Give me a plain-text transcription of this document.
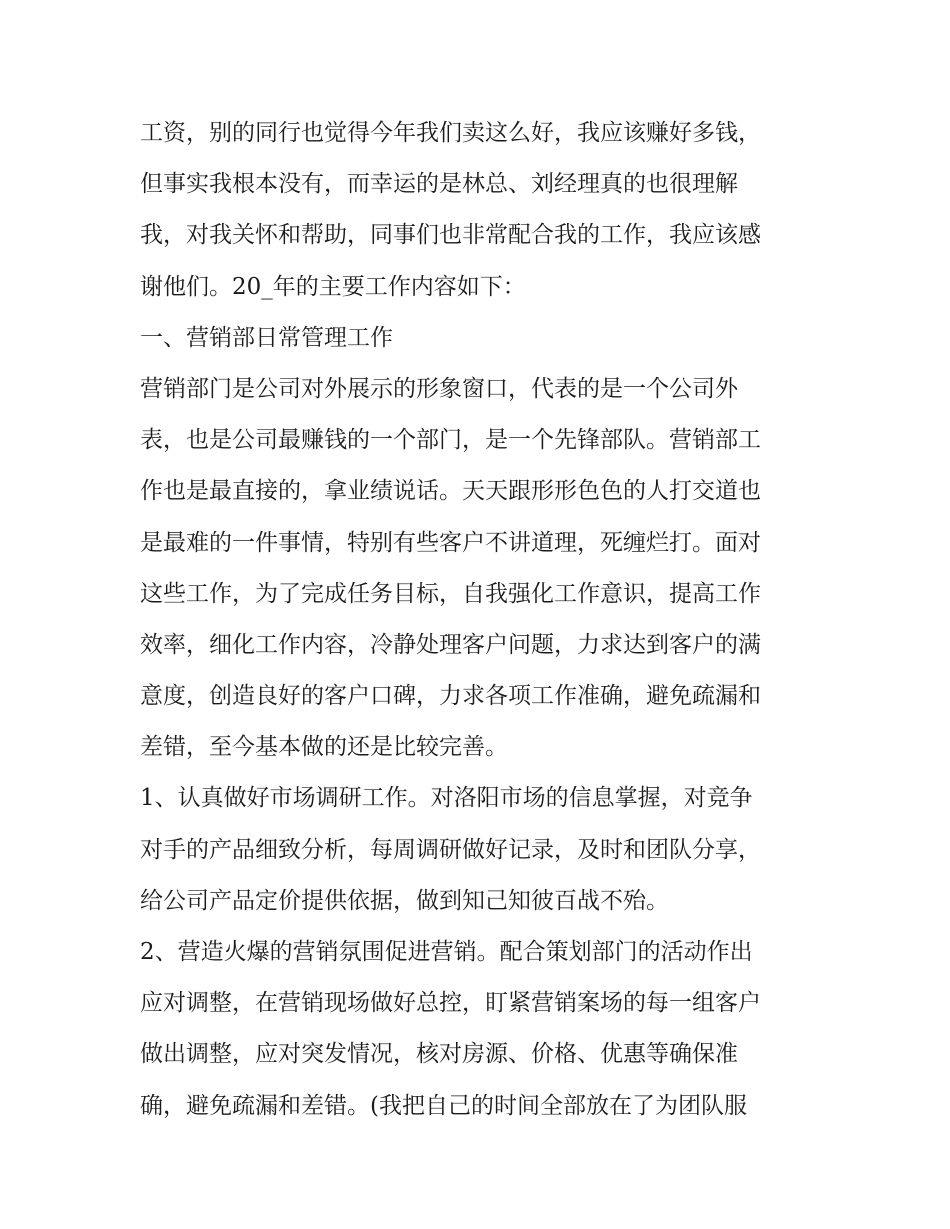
工资，别的同行也觉得今年我们卖这么好，我应该赚好多钱，
但事实我根本没有，而幸运的是林总、刘经理真的也很理解
我，对我关怀和帮助，同事们也非常配合我的工作，我应该感
谢他们。20_年的主要工作内容如下：
一、营销部日常管理工作
营销部门是公司对外展示的形象窗口，代表的是一个公司外
表，也是公司最赚钱的一个部门，是一个先锋部队。营销部工
作也是最直接的，拿业绩说话。天天跟形形色色的人打交道也
是最难的一件事情，特别有些客户不讲道理，死缠烂打。面对
这些工作，为了完成任务目标，自我强化工作意识，提高工作
效率，细化工作内容，冷静处理客户问题，力求达到客户的满
意度，创造良好的客户口碑，力求各项工作准确，避免疏漏和
差错，至今基本做的还是比较完善。
1、认真做好市场调研工作。对洛阳市场的信息掌握，对竞争
对手的产品细致分析，每周调研做好记录，及时和团队分享，
给公司产品定价提供依据，做到知己知彼百战不殆。
2、营造火爆的营销氛围促进营销。配合策划部门的活动作出
应对调整，在营销现场做好总控，盯紧营销案场的每一组客户
做出调整，应对突发情况，核对房源、价格、优惠等确保准
确，避免疏漏和差错。(我把自己的时间全部放在了为团队服
